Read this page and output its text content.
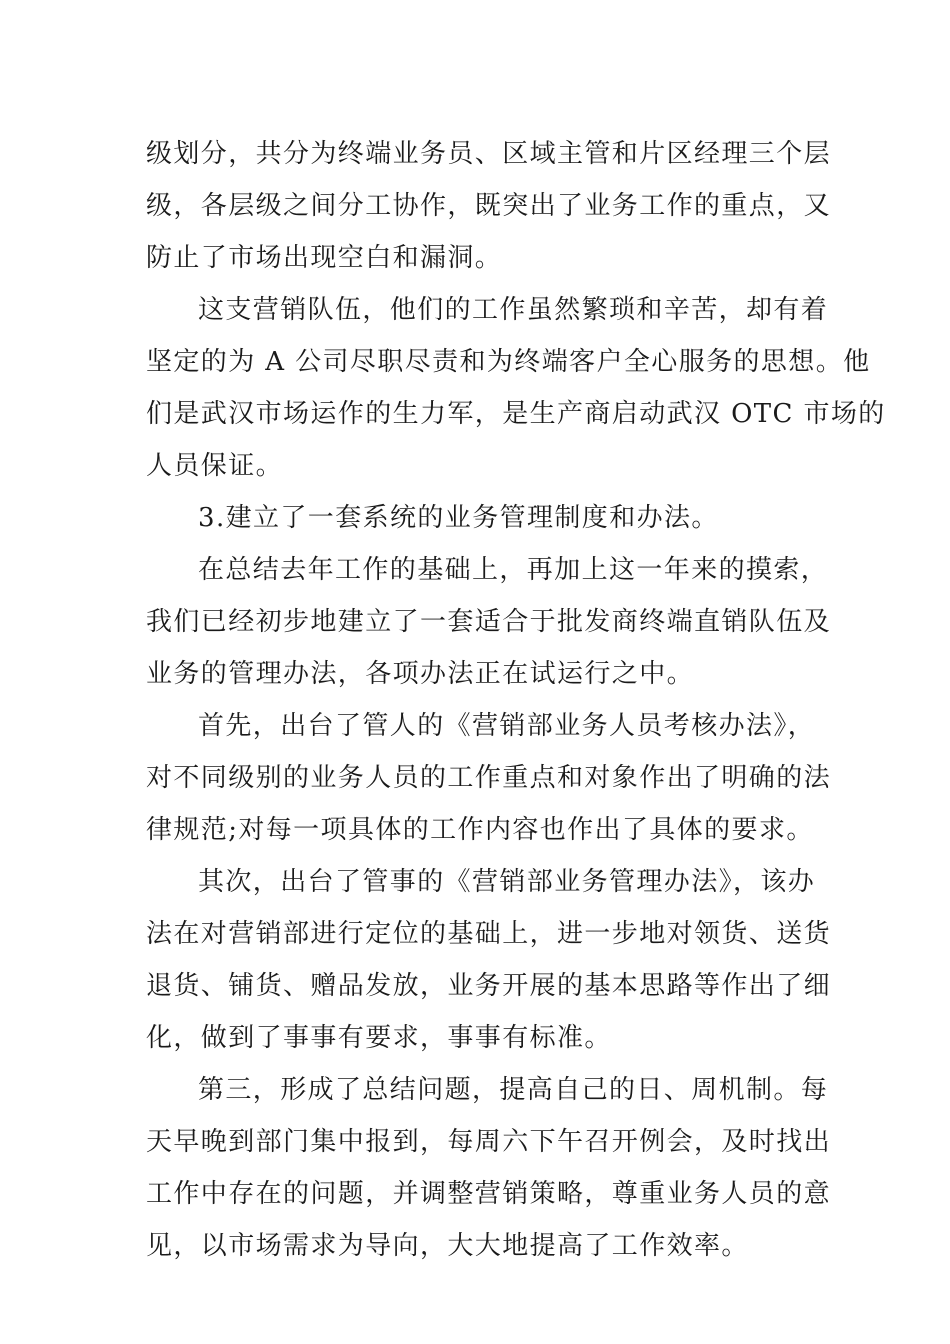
级划分，共分为终端业务员、区域主管和片区经理三个层
级，各层级之间分工协作，既突出了业务工作的重点，又
防止了市场出现空白和漏洞。
这支营销队伍，他们的工作虽然繁琐和辛苦，却有着
坚定的为 A 公司尽职尽责和为终端客户全心服务的思想。他
们是武汉市场运作的生力军，是生产商启动武汉 OTC 市场的
人员保证。
3.建立了一套系统的业务管理制度和办法。
在总结去年工作的基础上，再加上这一年来的摸索，
我们已经初步地建立了一套适合于批发商终端直销队伍及
业务的管理办法，各项办法正在试运行之中。
首先，出台了管人的《营销部业务人员考核办法》，
对不同级别的业务人员的工作重点和对象作出了明确的法
律规范;对每一项具体的工作内容也作出了具体的要求。
其次，出台了管事的《营销部业务管理办法》，该办
法在对营销部进行定位的基础上，进一步地对领货、送货
退货、铺货、赠品发放，业务开展的基本思路等作出了细
化，做到了事事有要求，事事有标准。
第三，形成了总结问题，提高自己的日、周机制。每
天早晚到部门集中报到，每周六下午召开例会，及时找出
工作中存在的问题，并调整营销策略，尊重业务人员的意
见，以市场需求为导向，大大地提高了工作效率。
